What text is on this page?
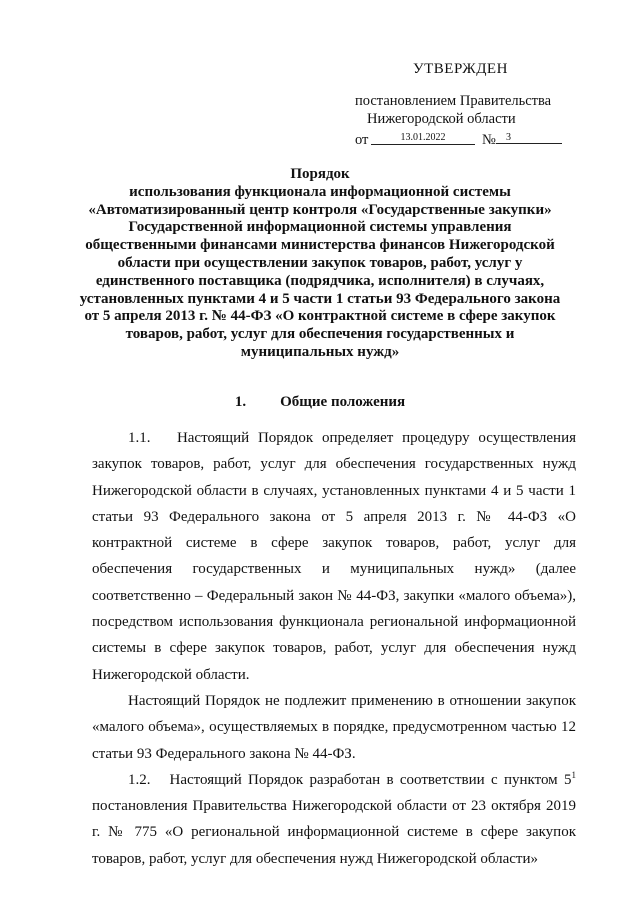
УТВЕРЖДЕН
постановлением Правительства
Нижегородской области
от	13.01.2022	№	3
Порядок
использования функционала информационной системы
«Автоматизированный центр контроля «Государственные закупки»
Государственной информационной системы управления
общественными финансами министерства финансов Нижегородской
области при осуществлении закупок товаров, работ, услуг у
единственного поставщика (подрядчика, исполнителя) в случаях,
установленных пунктами 4 и 5 части 1 статьи 93 Федерального закона
от 5 апреля 2013 г. № 44-ФЗ «О контрактной системе в сфере закупок
товаров, работ, услуг для обеспечения государственных и
муниципальных нужд»
1. Общие положения

1.1.   Настоящий Порядок определяет процедуру осуществления закупок товаров, работ, услуг для обеспечения государственных нужд Нижегородской области в случаях, установленных пунктами 4 и 5 части 1 статьи 93 Федерального закона от 5 апреля 2013 г. № 44-ФЗ «О контрактной системе в сфере закупок товаров, работ, услуг для обеспечения государственных и муниципальных нужд» (далее соответственно – Федеральный закон № 44-ФЗ, закупки «малого объема»), посредством использования функционала региональной информационной системы в сфере закупок товаров, работ, услуг для обеспечения нужд Нижегородской области.

Настоящий Порядок не подлежит применению в отношении закупок «малого объема», осуществляемых в порядке, предусмотренном частью 12 статьи 93 Федерального закона № 44-ФЗ.

1.2.   Настоящий Порядок разработан в соответствии с пунктом $5^1$ постановления Правительства Нижегородской области от 23 октября 2019 г. № 775 «О региональной информационной системе в сфере закупок товаров, работ, услуг для обеспечения нужд Нижегородской области»
